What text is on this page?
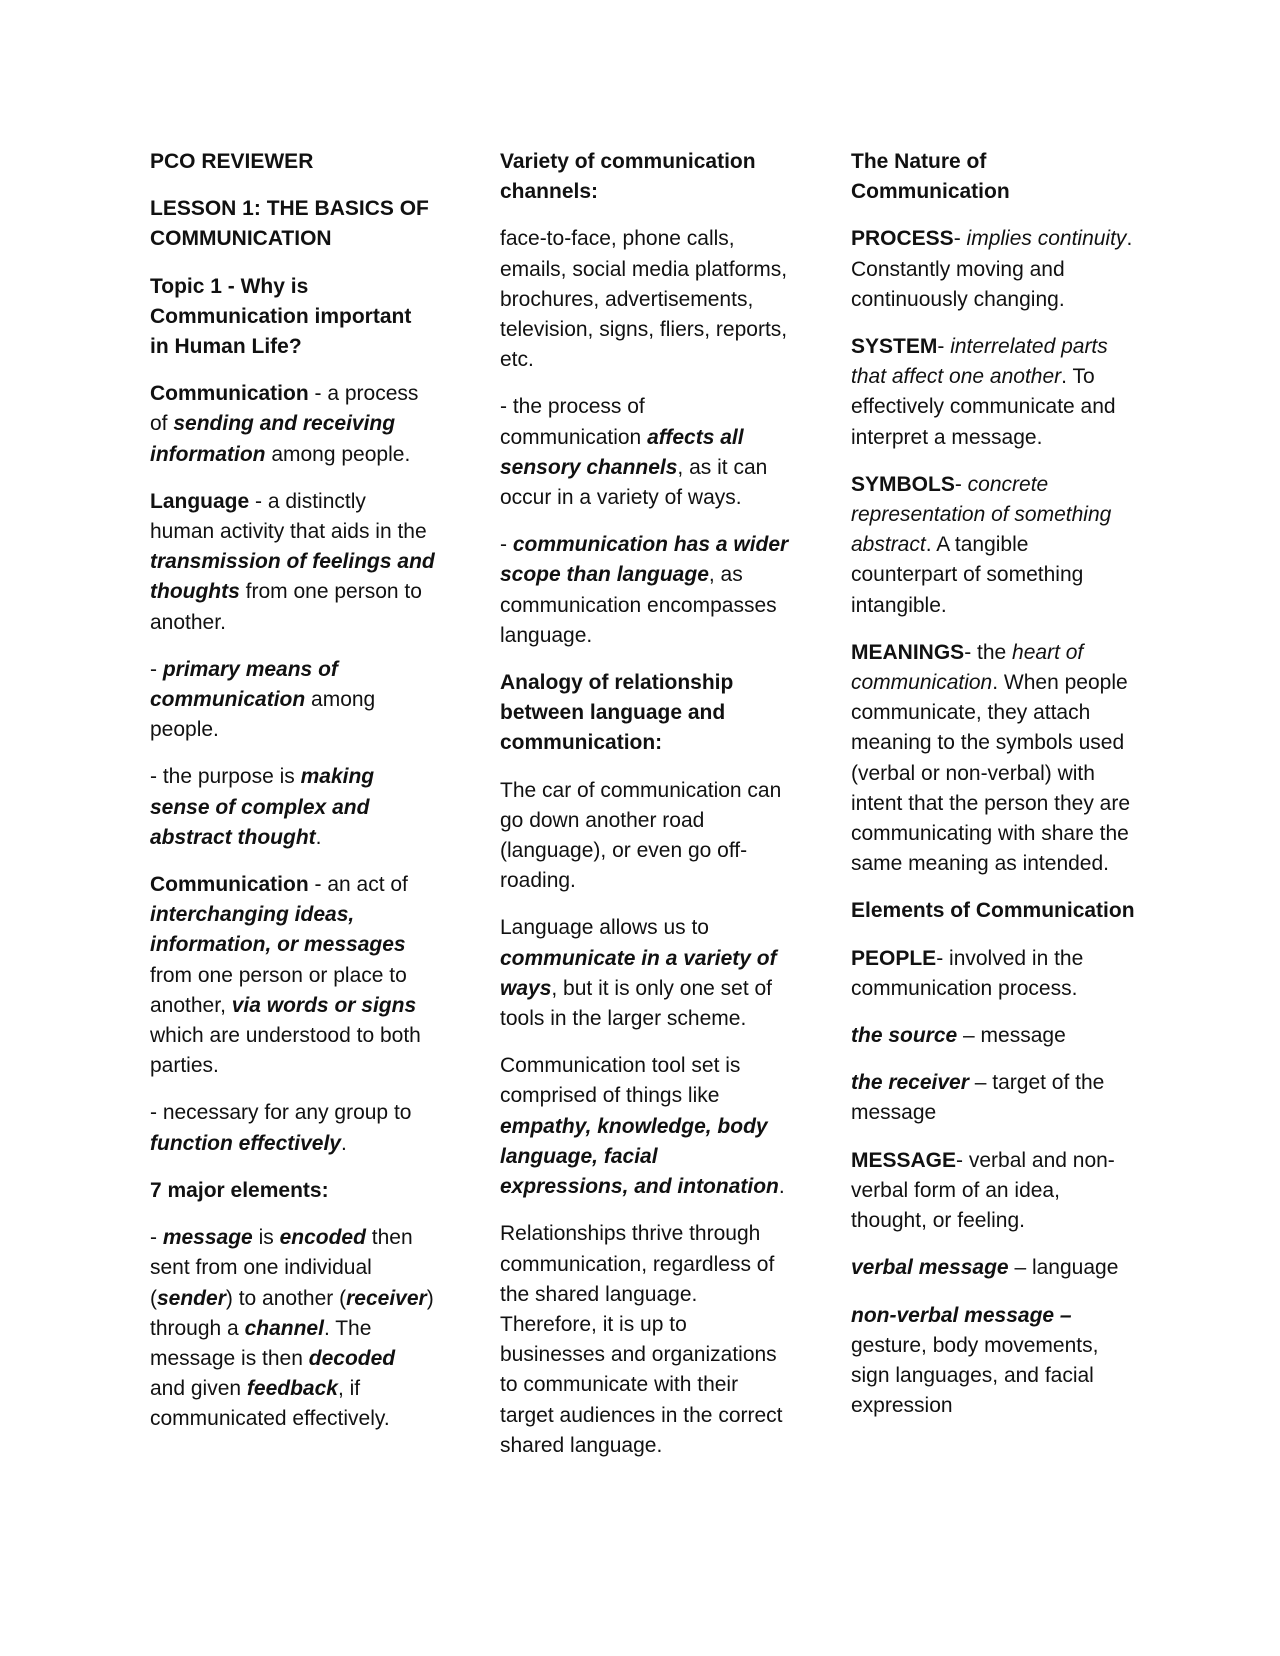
PCO REVIEWER

LESSON 1: THE BASICS OF COMMUNICATION

Topic 1 - Why is Communication important in Human Life?

Communication - a process of sending and receiving information among people.

Language - a distinctly human activity that aids in the transmission of feelings and thoughts from one person to another.

- primary means of communication among people.

- the purpose is making sense of complex and abstract thought.

Communication - an act of interchanging ideas, information, or messages from one person or place to another, via words or signs which are understood to both parties.

- necessary for any group to function effectively.

7 major elements:

- message is encoded then sent from one individual (sender) to another (receiver) through a channel. The message is then decoded and given feedback, if communicated effectively.

Variety of communication channels:

face-to-face, phone calls, emails, social media platforms, brochures, advertisements, television, signs, fliers, reports, etc.

- the process of communication affects all sensory channels, as it can occur in a variety of ways.

- communication has a wider scope than language, as communication encompasses language.

Analogy of relationship between language and communication:

The car of communication can go down another road (language), or even go off-roading.

Language allows us to communicate in a variety of ways, but it is only one set of tools in the larger scheme.

Communication tool set is comprised of things like empathy, knowledge, body language, facial expressions, and intonation.

Relationships thrive through communication, regardless of the shared language. Therefore, it is up to businesses and organizations to communicate with their target audiences in the correct shared language.

The Nature of Communication

PROCESS- implies continuity. Constantly moving and continuously changing.

SYSTEM- interrelated parts that affect one another. To effectively communicate and interpret a message.

SYMBOLS- concrete representation of something abstract. A tangible counterpart of something intangible.

MEANINGS- the heart of communication. When people communicate, they attach meaning to the symbols used (verbal or non-verbal) with intent that the person they are communicating with share the same meaning as intended.

Elements of Communication

PEOPLE- involved in the communication process.

the source – message

the receiver – target of the message

MESSAGE- verbal and non-verbal form of an idea, thought, or feeling.

verbal message – language

non-verbal message – gesture, body movements, sign languages, and facial expression
